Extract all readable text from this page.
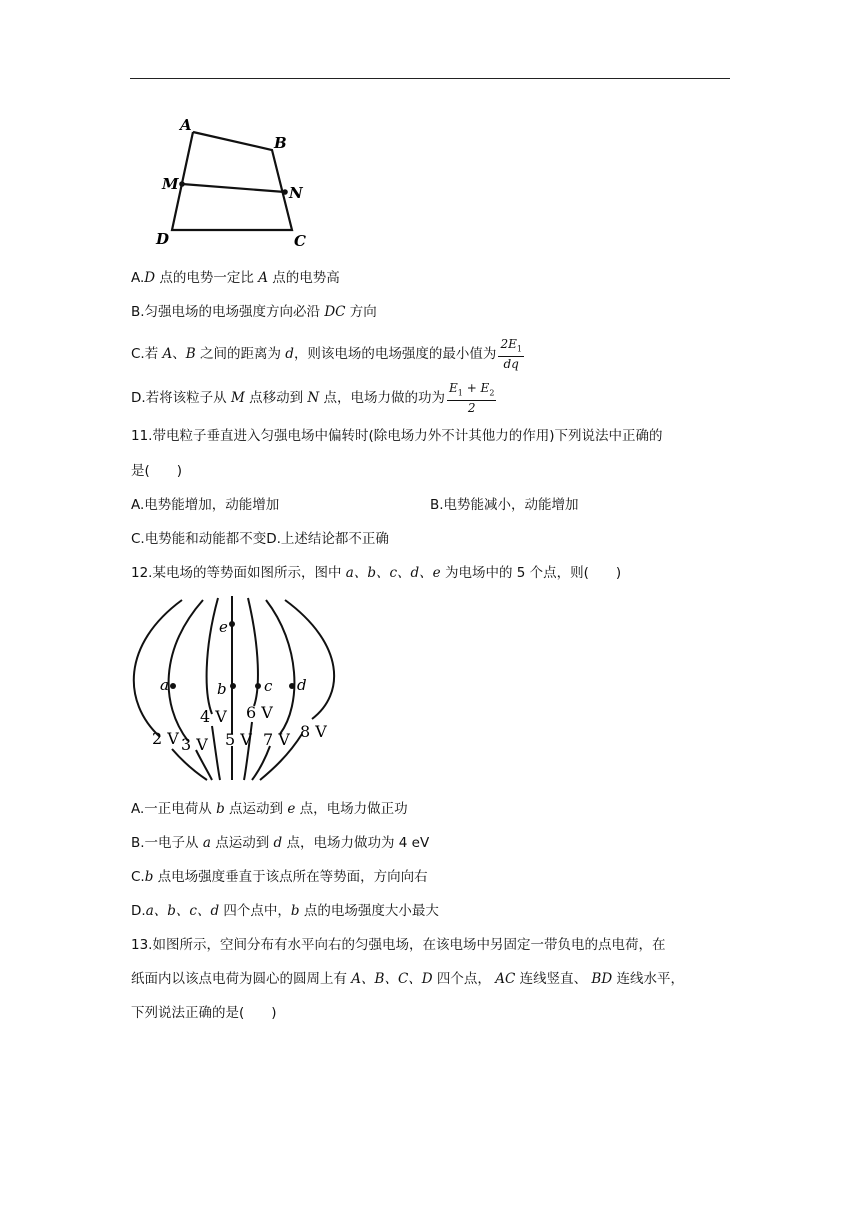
A
B
M	N
D	C
A.D 点的电势一定比 A 点的电势高
B.匀强电场的电场强度方向必沿 DC 方向
C.若 A、B 之间的距离为 d，则该电场的电场强度的最小值为 $\frac{2E_1}{dq}$
D.若将该粒子从 M 点移动到 N 点，电场力做的功为 $\frac{E_1 + E_2}{2}$
11.带电粒子垂直进入匀强电场中偏转时(除电场力外不计其他力的作用)下列说法中正确的
是(　　)
A.电势能增加，动能增加	B.电势能减小，动能增加
C.电势能和动能都不变D.上述结论都不正确
12.某电场的等势面如图所示，图中 a、b、c、d、e 为电场中的 5 个点，则(　　)
e
a	b c d
2 V 3 V
4 V
5 V
6 V
7 V 8 V
A.一正电荷从 b 点运动到 e 点，电场力做正功
B.一电子从 a 点运动到 d 点，电场力做功为 4 eV
C.b 点电场强度垂直于该点所在等势面，方向向右
D.a、b、c、d 四个点中，b 点的电场强度大小最大
13.如图所示，空间分布有水平向右的匀强电场，在该电场中另固定一带负电的点电荷，在
纸面内以该点电荷为圆心的圆周上有 A、B、C、D 四个点， AC 连线竖直、 BD 连线水平，
下列说法正确的是(　　)
